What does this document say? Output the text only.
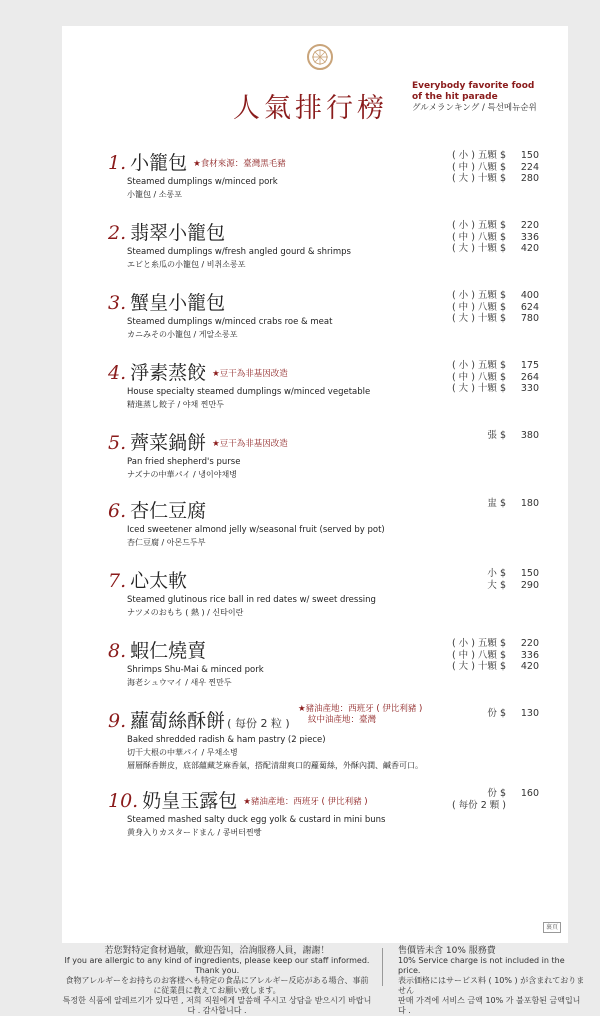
人氣排行榜
Everybody favorite food
of the hit parade
グルメランキング / 특선메뉴순위
1. 小籠包 ★食材來源：臺灣黑毛豬
Steamed dumplings w/minced pork
小籠包 / 소롱포
( 小 ) 五顆 $	150
( 中 ) 八顆 $	224
( 大 ) 十顆 $	280
2. 翡翠小籠包
Steamed dumplings w/fresh angled gourd & shrimps
エビと糸瓜の小籠包 / 비취소롱포
( 小 ) 五顆 $	220
( 中 ) 八顆 $	336
( 大 ) 十顆 $	420
3. 蟹皇小籠包
Steamed dumplings w/minced crabs roe & meat
カニみその小籠包 / 게알소롱포
( 小 ) 五顆 $	400
( 中 ) 八顆 $	624
( 大 ) 十顆 $	780
4. 淨素蒸餃 ★豆干為非基因改造
House specialty steamed dumplings w/minced vegetable
精進蒸し餃子 / 야채 찐만두
( 小 ) 五顆 $	175
( 中 ) 八顆 $	264
( 大 ) 十顆 $	330
5. 薺菜鍋餅 ★豆干為非基因改造
Pan fried shepherd's purse
ナズナの中華パイ / 냉이야채병
張 $	380
6. 杏仁豆腐
Iced sweetener almond jelly w/seasonal fruit (served by pot)
杏仁豆腐 / 아몬드두부
盅 $	180
7. 心太軟
Steamed glutinous rice ball in red dates w/ sweet dressing
ナツメのおもち ( 熱 ) / 신타이란
小 $	150
大 $	290
8. 蝦仁燒賣
Shrimps Shu-Mai & minced pork
海老シュウマイ / 새우 찐만두
( 小 ) 五顆 $	220
( 中 ) 八顆 $	336
( 大 ) 十顆 $	420
9. 蘿蔔絲酥餅 ( 每份 2 粒 )
★豬油產地：西班牙 ( 伊比利豬 )
紋中油產地：臺灣
Baked shredded radish & ham pastry (2 piece)
切干大根の中華パイ / 무채소병
層層酥香餅皮，底部蘊藏芝麻香氣，搭配清甜爽口的蘿蔔絲，外酥內潤、鹹香可口。
份 $	130
10. 奶皇玉露包 ★豬油產地：西班牙 ( 伊比利豬 )
Steamed mashed salty duck egg yolk & custard in mini buns
黄身入りカスタードまん / 콩버터찐빵
份 $	160
( 每份 2 顆 )
裏頁
若您對特定食材過敏，歡迎告知，洽詢服務人員，謝謝！
If you are allergic to any kind of ingredients, please keep our staff informed. Thank you.
食物アレルギーをお持ちのお客様へも特定の食品にアレルギー反応がある場合、事前に従業員に教えてお願い致します。
특정한 식품에 알레르기가 있다면 , 저희 직원에게 말씀해 주시고 상담을 받으시기 바랍니다 . 감사합니다 .
售價皆未含 10% 服務費
10% Service charge is not included in the price.
表示価格にはサービス料 ( 10% ) が含まれておりません
판매 가격에 서비스 금액 10% 가 불포함된 금액입니다 .
